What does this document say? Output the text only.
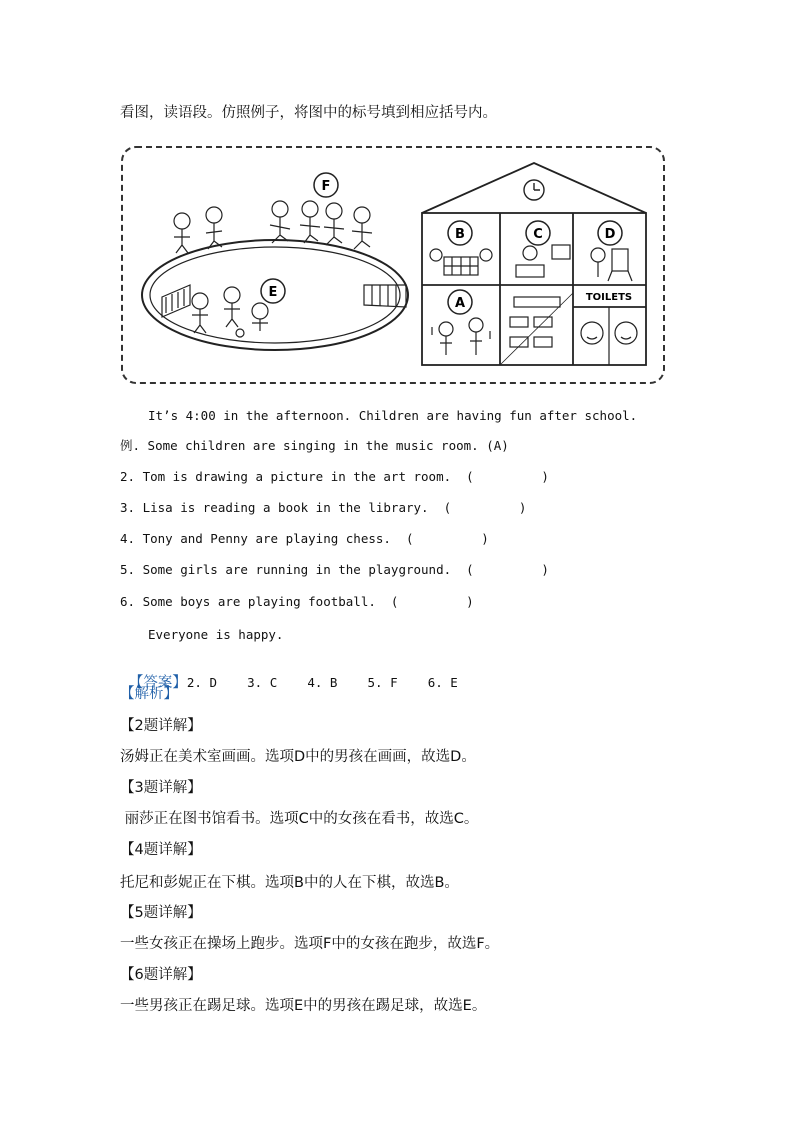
看图，读语段。仿照例子，将图中的标号填到相应括号内。
F
E
B	C	D
A	TOILETS
It’s 4:00 in the afternoon. Children are having fun after school.
例. Some children are singing in the music room. (A)
2. Tom is drawing a picture in the art room.  (         )
3. Lisa is reading a book in the library.  (         )
4. Tony and Penny are playing chess.  (         )
5. Some girls are running in the playground.  (         )
6. Some boys are playing football.  (         )
Everyone is happy.

【答案】2. D    3. C    4. B    5. F    6. E

【解析】
【2题详解】
汤姆正在美术室画画。选项D中的男孩在画画，故选D。
【3题详解】
丽莎正在图书馆看书。选项C中的女孩在看书，故选C。
【4题详解】
托尼和彭妮正在下棋。选项B中的人在下棋，故选B。
【5题详解】
一些女孩正在操场上跑步。选项F中的女孩在跑步，故选F。
【6题详解】
一些男孩正在踢足球。选项E中的男孩在踢足球，故选E。
